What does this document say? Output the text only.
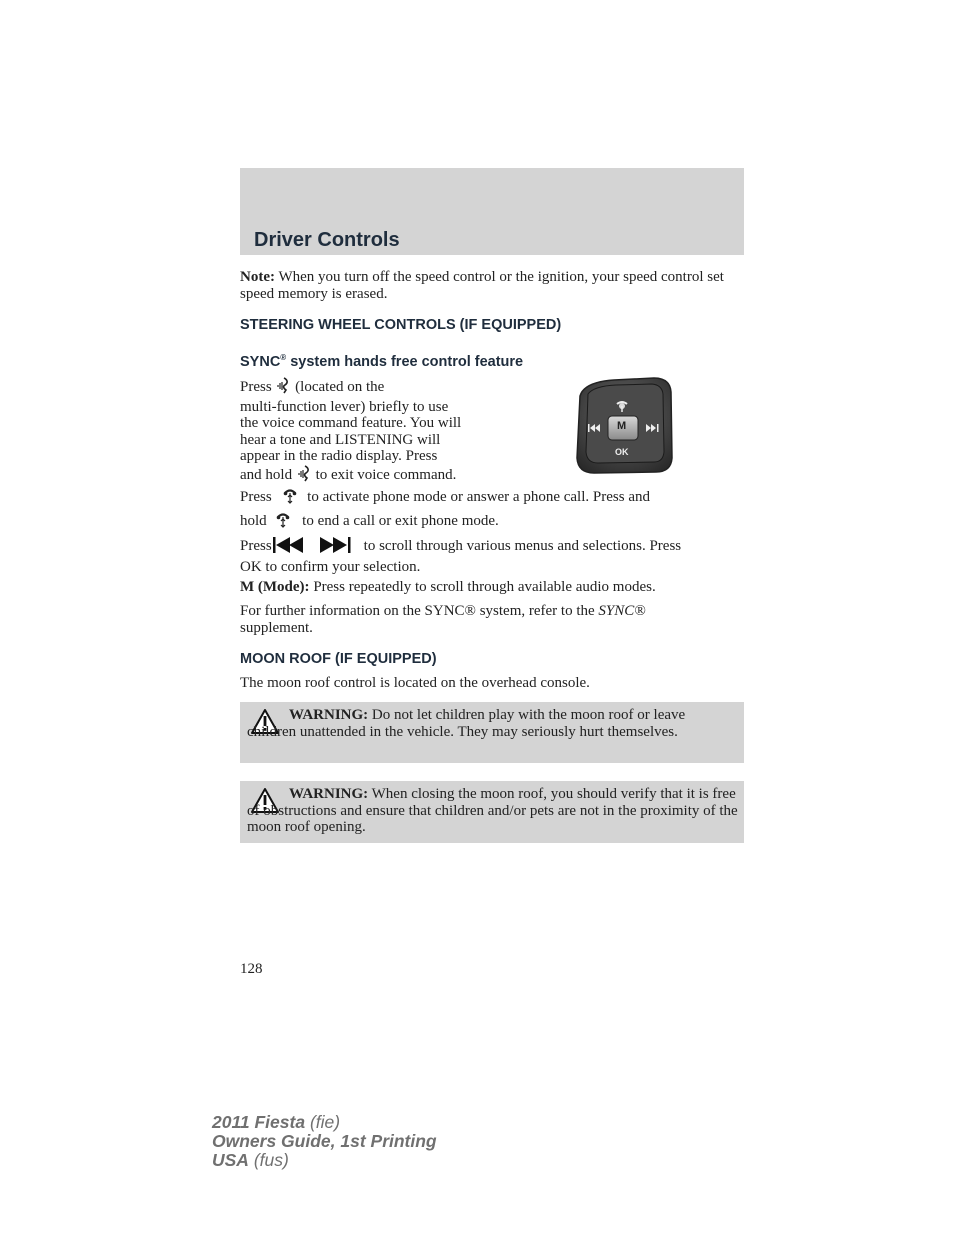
Driver Controls
Note: When you turn off the speed control or the ignition, your speed control set speed memory is erased.
STEERING WHEEL CONTROLS (IF EQUIPPED)
SYNC® system hands free control feature
Press (located on the
multi-function lever) briefly to use
the voice command feature. You will
hear a tone and LISTENING will
appear in the radio display. Press
and hold to exit voice command.
M
OK
Press to activate phone mode or answer a phone call. Press and
hold to end a call or exit phone mode.
Press	to scroll through various menus and selections. Press
OK to confirm your selection.
M (Mode): Press repeatedly to scroll through available audio modes.
For further information on the SYNC® system, refer to the SYNC®
supplement.
MOON ROOF (IF EQUIPPED)
The moon roof control is located on the overhead console.
WARNING: Do not let children play with the moon roof or leave children unattended in the vehicle. They may seriously hurt themselves.
WARNING: When closing the moon roof, you should verify that it is free of obstructions and ensure that children and/or pets are not in the proximity of the moon roof opening.
128
2011 Fiesta (fie)
Owners Guide, 1st Printing
USA (fus)
